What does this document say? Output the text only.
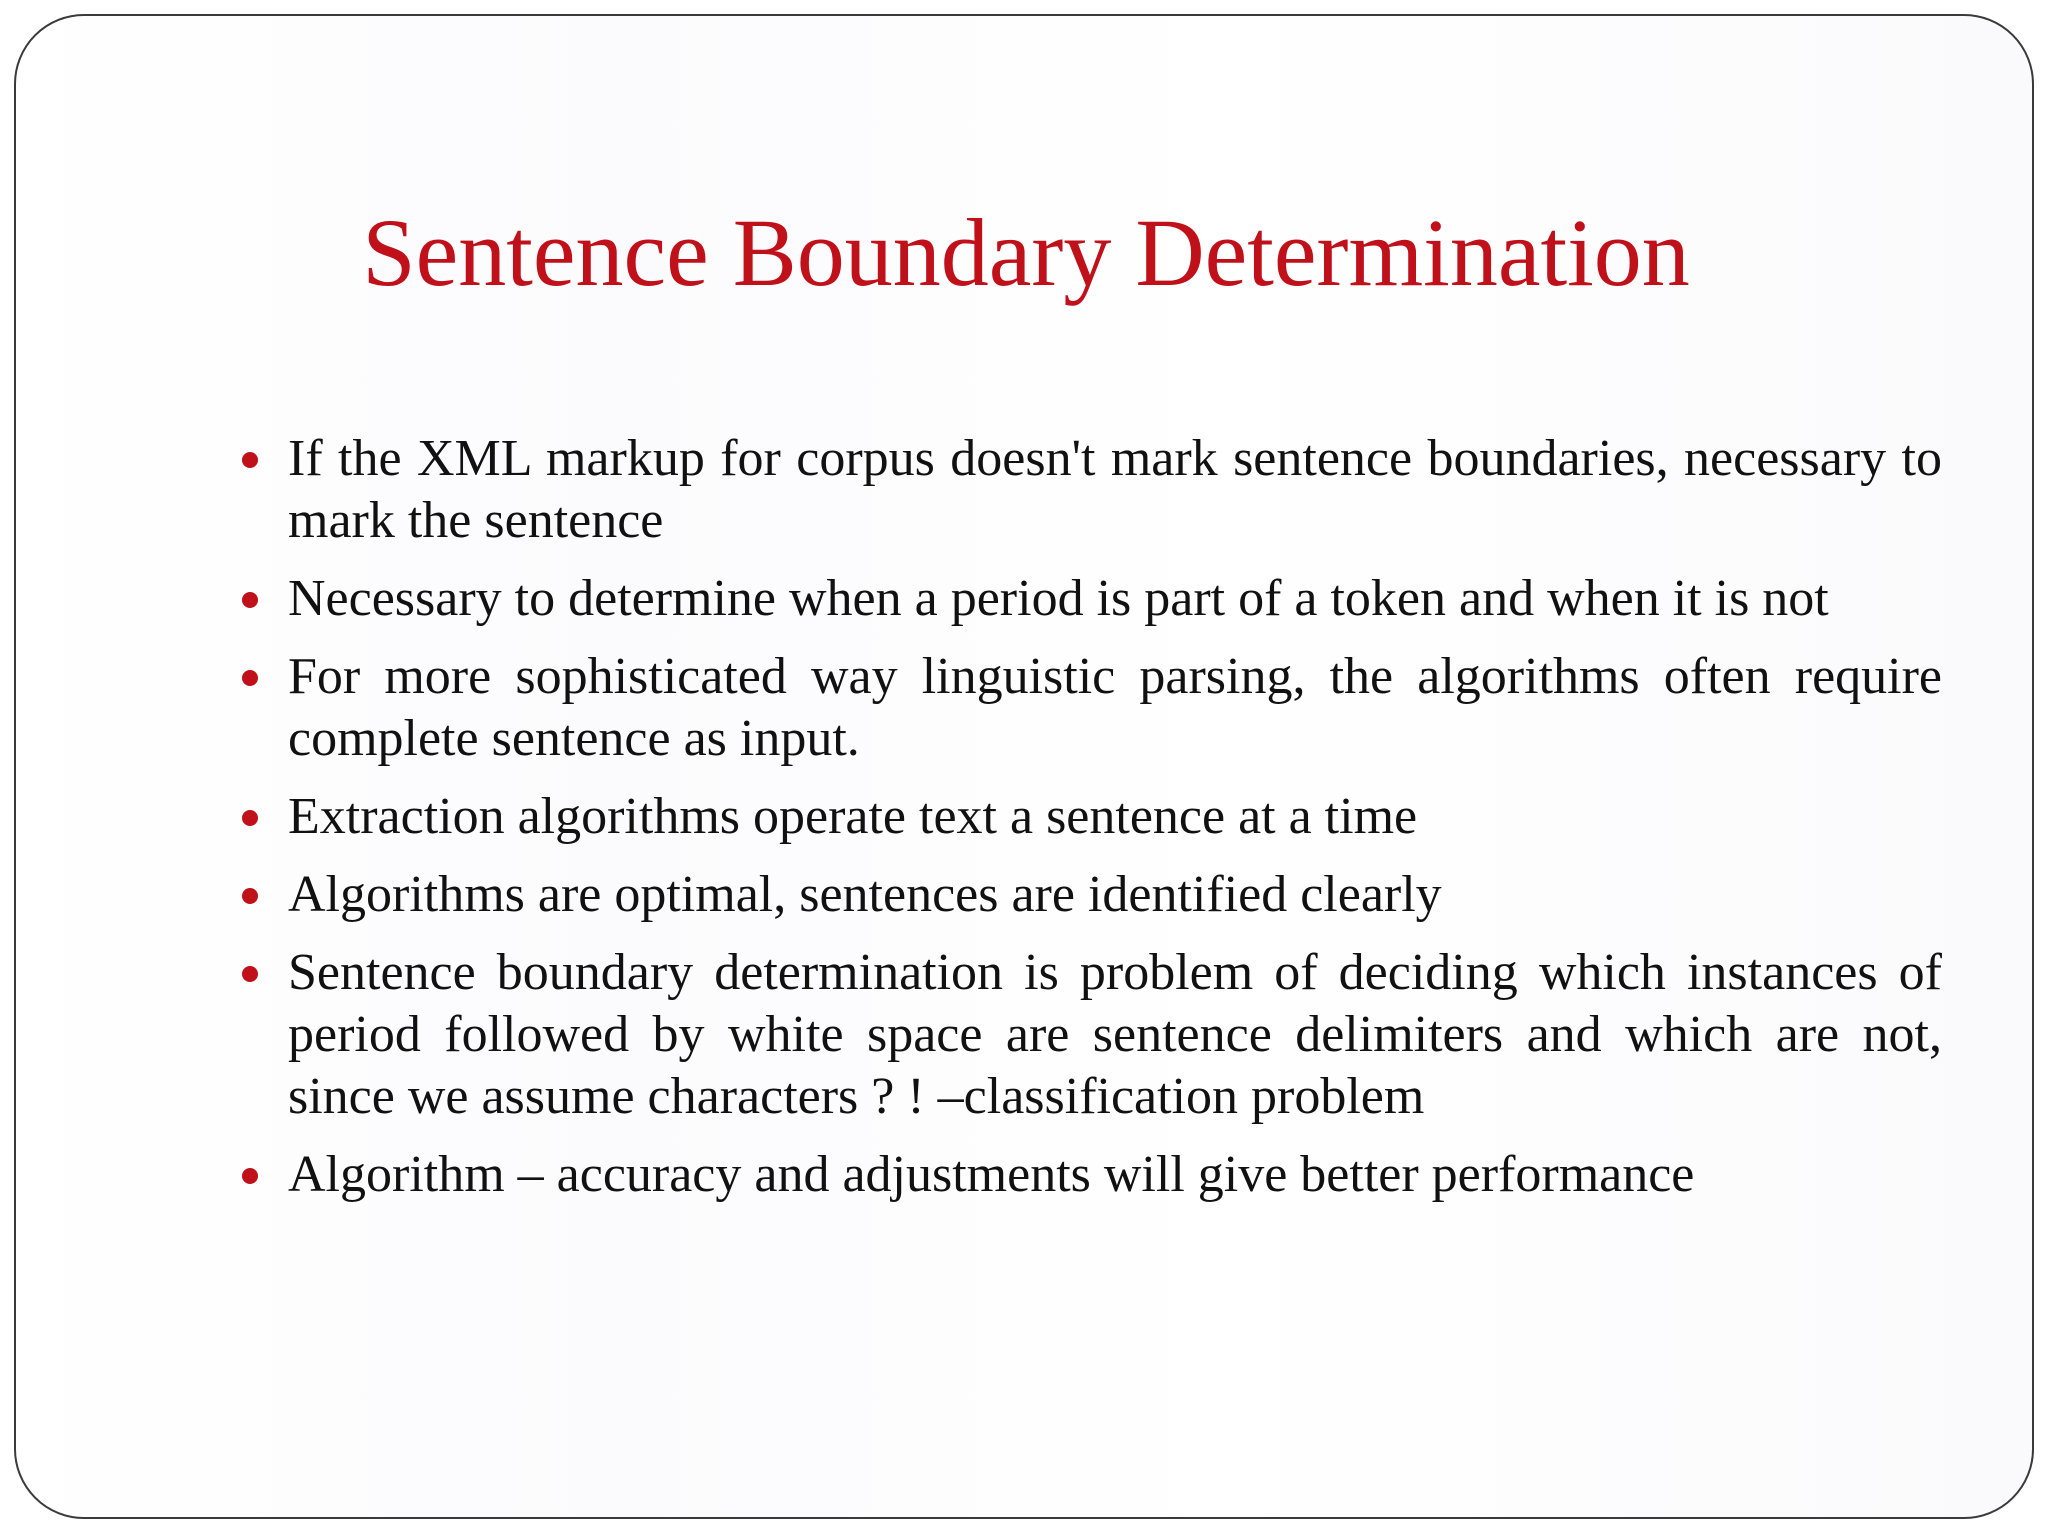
Sentence Boundary Determination
If the XML markup for corpus doesn't mark sentence boundaries, necessary to mark the sentence
Necessary to determine when a period is part of a token and when it is not
For more sophisticated way linguistic parsing, the algorithms often require complete sentence as input.
Extraction algorithms operate text a sentence at a time
Algorithms are optimal, sentences are identified clearly
Sentence boundary determination is problem of deciding which instances of period followed by white space are sentence delimiters and which are not, since we assume characters ? ! –classification problem
Algorithm – accuracy and adjustments will give better performance
